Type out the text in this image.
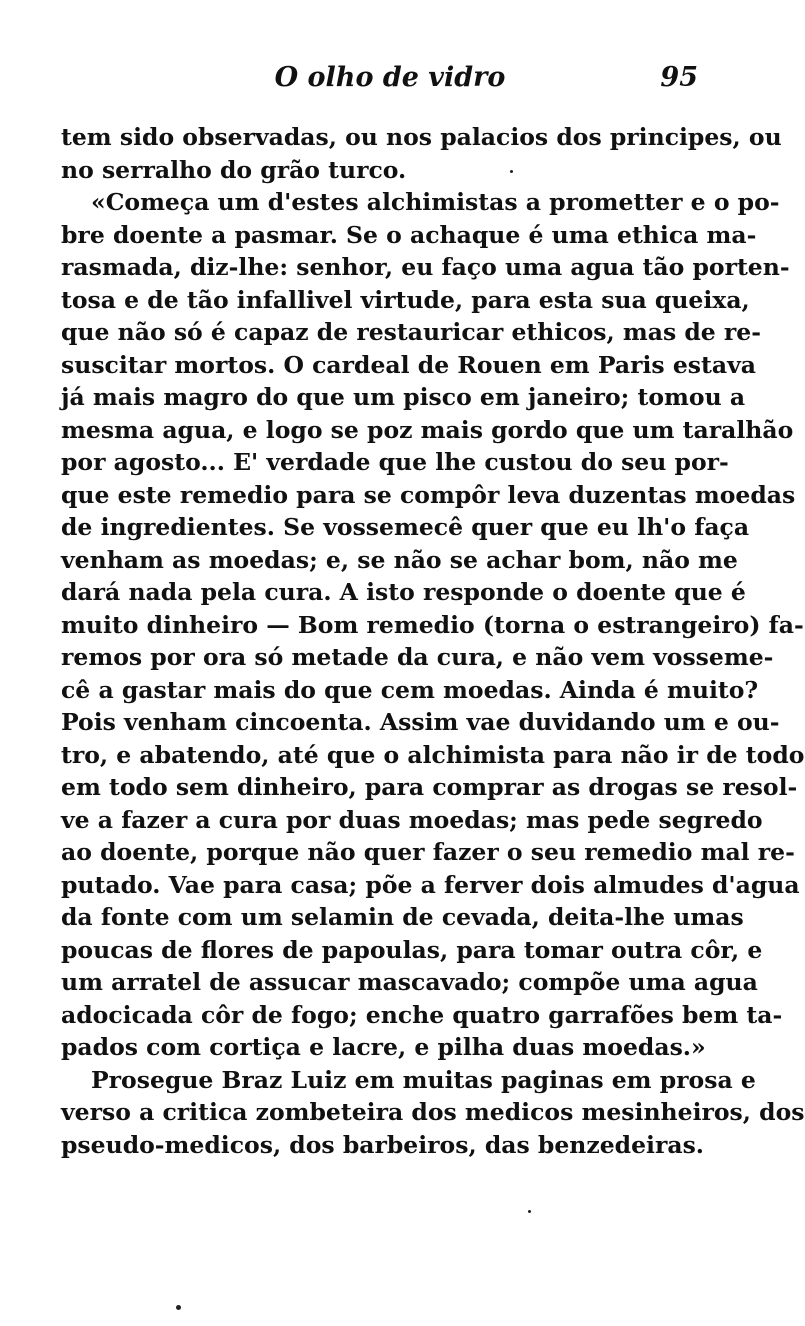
O olho de vidro	95
tem sido observadas, ou nos palacios dos principes, ou
no serralho do grão turco.
«Começa um d'estes alchimistas a prometter e o po-
bre doente a pasmar. Se o achaque é uma ethica ma-
rasmada, diz-lhe: senhor, eu faço uma agua tão porten-
tosa e de tão infallivel virtude, para esta sua queixa,
que não só é capaz de restauricar ethicos, mas de re-
suscitar mortos. O cardeal de Rouen em Paris estava
já mais magro do que um pisco em janeiro; tomou a
mesma agua, e logo se poz mais gordo que um taralhão
por agosto... E' verdade que lhe custou do seu por-
que este remedio para se compôr leva duzentas moedas
de ingredientes. Se vossemecê quer que eu lh'o faça
venham as moedas; e, se não se achar bom, não me
dará nada pela cura. A isto responde o doente que é
muito dinheiro — Bom remedio (torna o estrangeiro) fa-
remos por ora só metade da cura, e não vem vosseme-
cê a gastar mais do que cem moedas. Ainda é muito?
Pois venham cincoenta. Assim vae duvidando um e ou-
tro, e abatendo, até que o alchimista para não ir de todo
em todo sem dinheiro, para comprar as drogas se resol-
ve a fazer a cura por duas moedas; mas pede segredo
ao doente, porque não quer fazer o seu remedio mal re-
putado. Vae para casa; põe a ferver dois almudes d'agua
da fonte com um selamin de cevada, deita-lhe umas
poucas de flores de papoulas, para tomar outra côr, e
um arratel de assucar mascavado; compõe uma agua
adocicada côr de fogo; enche quatro garrafões bem ta-
pados com cortiça e lacre, e pilha duas moedas.»
Prosegue Braz Luiz em muitas paginas em prosa e
verso a critica zombeteira dos medicos mesinheiros, dos
pseudo-medicos, dos barbeiros, das benzedeiras.
